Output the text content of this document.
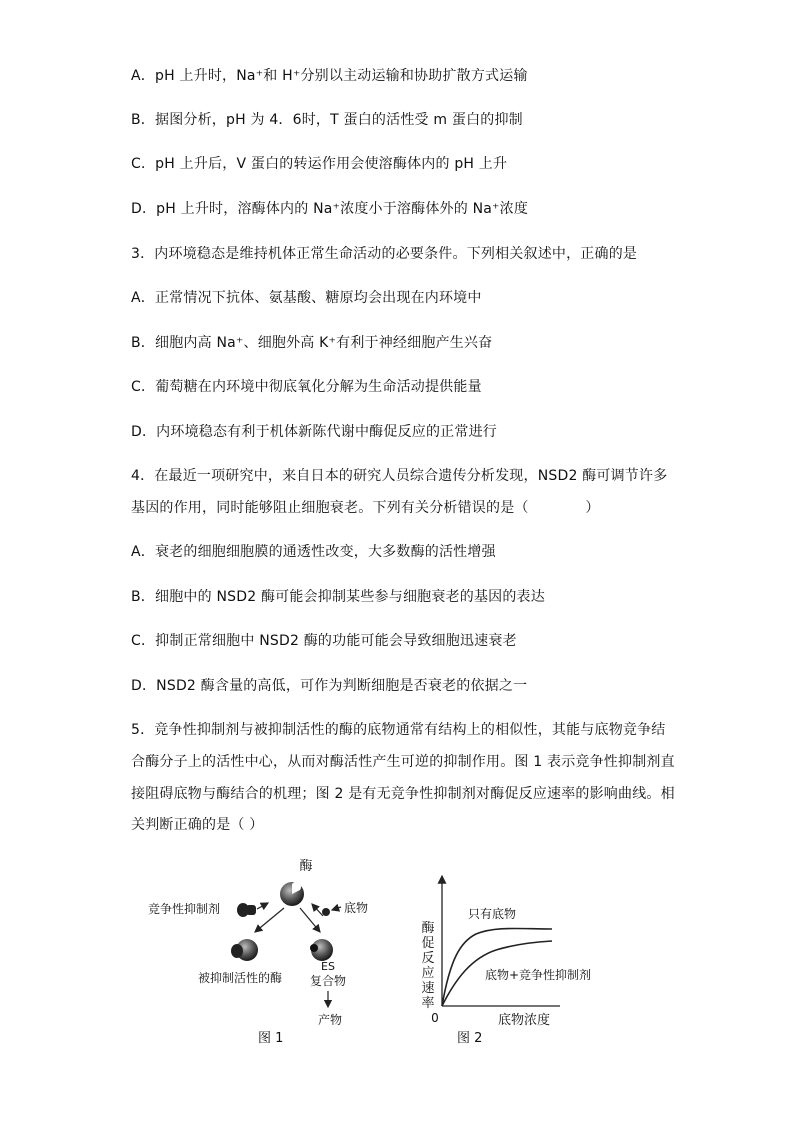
A．pH 上升时，Na⁺和 H⁺分别以主动运输和协助扩散方式运输
B．据图分析，pH 为 4．6时，T 蛋白的活性受 m 蛋白的抑制
C．pH 上升后，V 蛋白的转运作用会使溶酶体内的 pH 上升
D．pH 上升时，溶酶体内的 Na⁺浓度小于溶酶体外的 Na⁺浓度
3．内环境稳态是维持机体正常生命活动的必要条件。下列相关叙述中，正确的是
A．正常情况下抗体、氨基酸、糖原均会出现在内环境中
B．细胞内高 Na⁺、细胞外高 K⁺有利于神经细胞产生兴奋
C．葡萄糖在内环境中彻底氧化分解为生命活动提供能量
D．内环境稳态有利于机体新陈代谢中酶促反应的正常进行
4．在最近一项研究中，来自日本的研究人员综合遗传分析发现，NSD2 酶可调节许多
基因的作用，同时能够阻止细胞衰老。下列有关分析错误的是（　　　　）
A．衰老的细胞细胞膜的通透性改变，大多数酶的活性增强
B．细胞中的 NSD2 酶可能会抑制某些参与细胞衰老的基因的表达
C．抑制正常细胞中 NSD2 酶的功能可能会导致细胞迅速衰老
D．NSD2 酶含量的高低，可作为判断细胞是否衰老的依据之一
5．竞争性抑制剂与被抑制活性的酶的底物通常有结构上的相似性，其能与底物竞争结
合酶分子上的活性中心，从而对酶活性产生可逆的抑制作用。图 1 表示竞争性抑制剂直
接阻碍底物与酶结合的机理；图 2 是有无竞争性抑制剂对酶促反应速率的影响曲线。相
关判断正确的是（ ）
酶
竞争性抑制剂	底物
被抑制活性的酶
ES
复合物
产物
图 1
酶促反应速率
0	底物浓度
只有底物
底物+竞争性抑制剂
图 2
